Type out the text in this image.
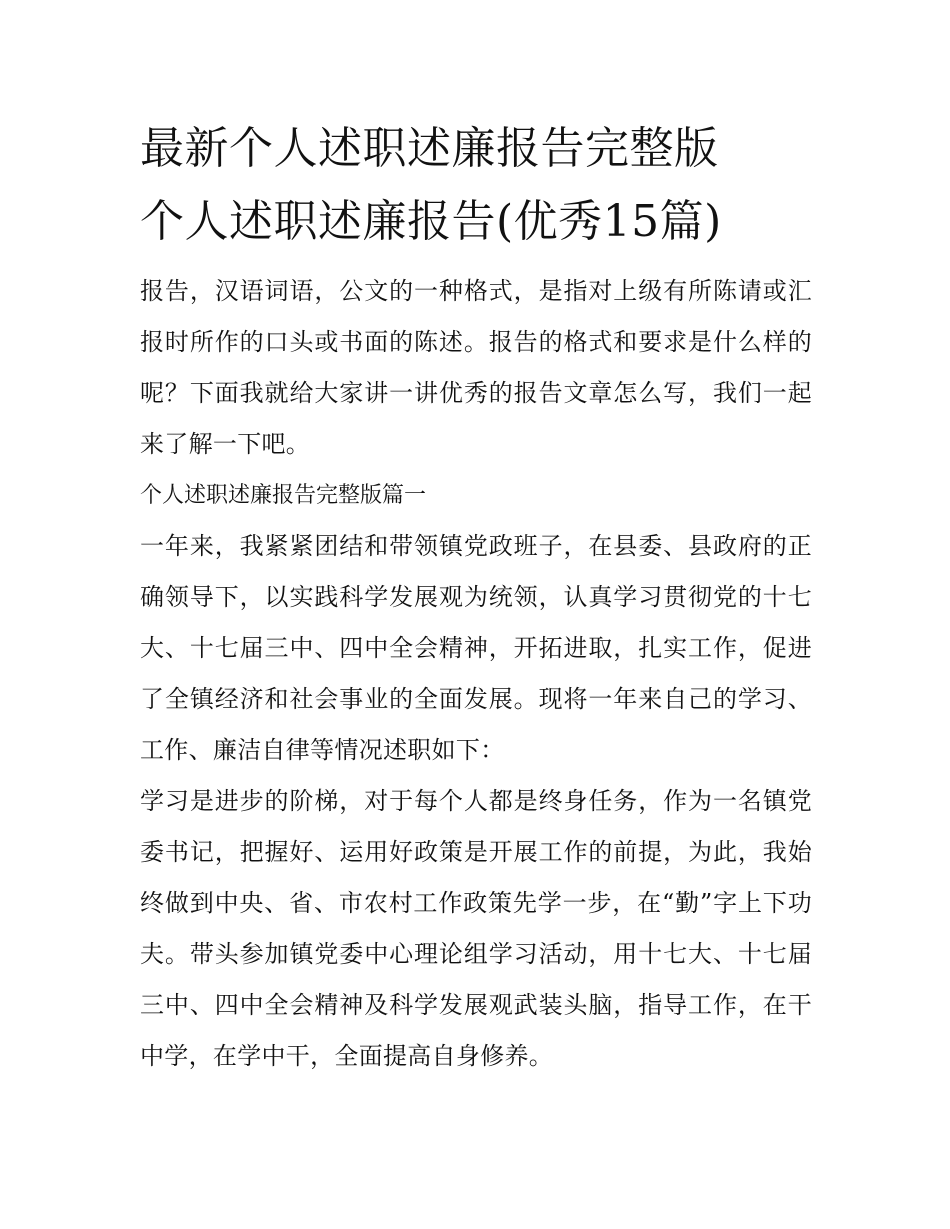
最新个人述职述廉报告完整版
个人述职述廉报告(优秀15篇)

报告，汉语词语，公文的一种格式，是指对上级有所陈请或汇报时所作的口头或书面的陈述。报告的格式和要求是什么样的呢？下面我就给大家讲一讲优秀的报告文章怎么写，我们一起来了解一下吧。

个人述职述廉报告完整版篇一

一年来，我紧紧团结和带领镇党政班子，在县委、县政府的正确领导下，以实践科学发展观为统领，认真学习贯彻党的十七大、十七届三中、四中全会精神，开拓进取，扎实工作，促进了全镇经济和社会事业的全面发展。现将一年来自己的学习、工作、廉洁自律等情况述职如下：

学习是进步的阶梯，对于每个人都是终身任务，作为一名镇党委书记，把握好、运用好政策是开展工作的前提，为此，我始终做到中央、省、市农村工作政策先学一步，在“勤”字上下功夫。带头参加镇党委中心理论组学习活动，用十七大、十七届三中、四中全会精神及科学发展观武装头脑，指导工作，在干中学，在学中干，全面提高自身修养。
